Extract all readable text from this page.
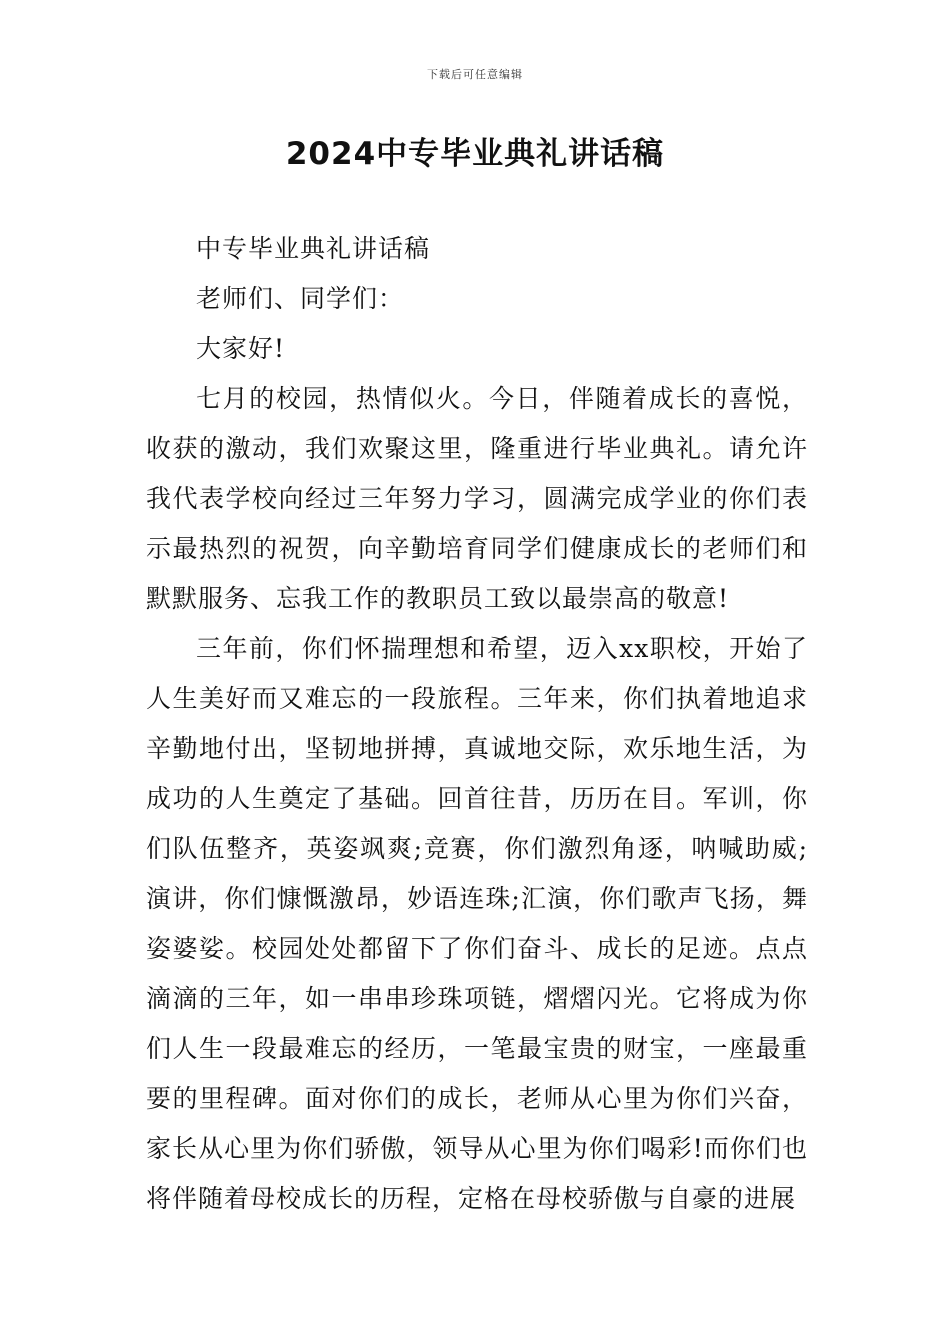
下载后可任意编辑
2024中专毕业典礼讲话稿

中专毕业典礼讲话稿

老师们、同学们：

大家好!

七月的校园，热情似火。今日，伴随着成长的喜悦，收获的激动，我们欢聚这里，隆重进行毕业典礼。请允许我代表学校向经过三年努力学习，圆满完成学业的你们表示最热烈的祝贺，向辛勤培育同学们健康成长的老师们和默默服务、忘我工作的教职员工致以最崇高的敬意!

三年前，你们怀揣理想和希望，迈入xx职校，开始了人生美好而又难忘的一段旅程。三年来，你们执着地追求辛勤地付出，坚韧地拼搏，真诚地交际，欢乐地生活，为成功的人生奠定了基础。回首往昔，历历在目。军训，你们队伍整齐，英姿飒爽;竞赛，你们激烈角逐，呐喊助威;演讲，你们慷慨激昂，妙语连珠;汇演，你们歌声飞扬，舞姿婆娑。校园处处都留下了你们奋斗、成长的足迹。点点滴滴的三年，如一串串珍珠项链，熠熠闪光。它将成为你们人生一段最难忘的经历，一笔最宝贵的财宝，一座最重要的里程碑。面对你们的成长，老师从心里为你们兴奋，家长从心里为你们骄傲，领导从心里为你们喝彩!而你们也将伴随着母校成长的历程，定格在母校骄傲与自豪的进展
